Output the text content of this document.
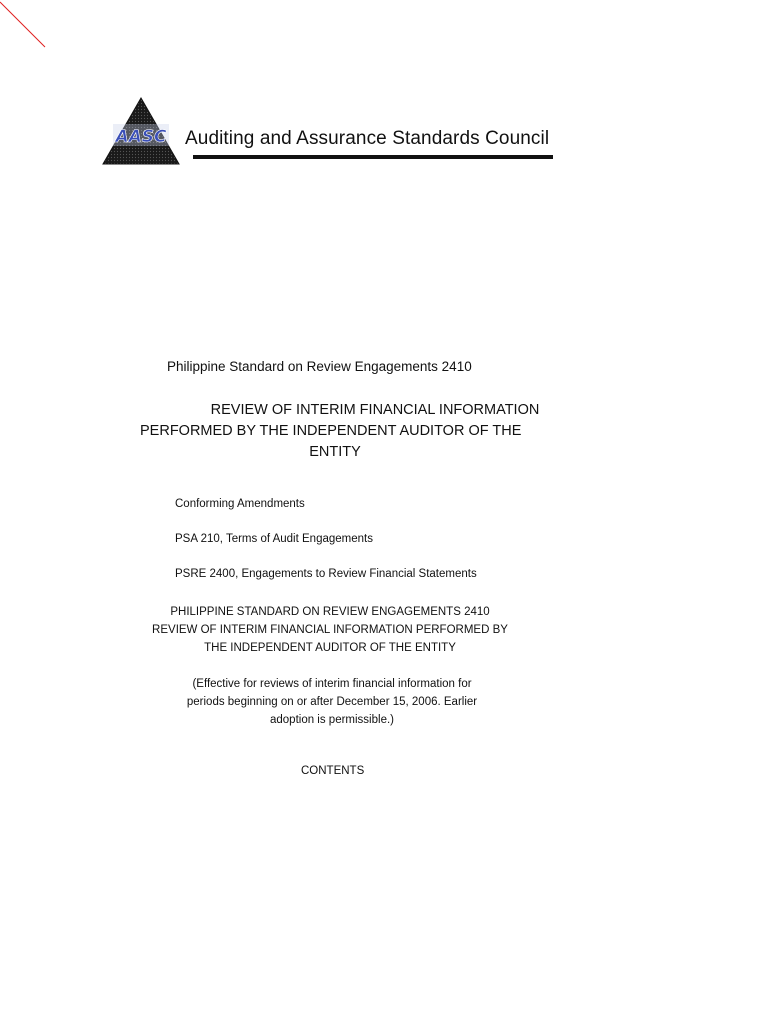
AASC Auditing and Assurance Standards Council
Philippine Standard on Review Engagements 2410
REVIEW OF INTERIM FINANCIAL INFORMATION
PERFORMED BY THE INDEPENDENT AUDITOR OF THE
ENTITY
Conforming Amendments
PSA 210, Terms of Audit Engagements
PSRE 2400, Engagements to Review Financial Statements
PHILIPPINE STANDARD ON REVIEW ENGAGEMENTS 2410
REVIEW OF INTERIM FINANCIAL INFORMATION PERFORMED BY
THE INDEPENDENT AUDITOR OF THE ENTITY
(Effective for reviews of interim financial information for
periods beginning on or after December 15, 2006. Earlier
adoption is permissible.)
CONTENTS
